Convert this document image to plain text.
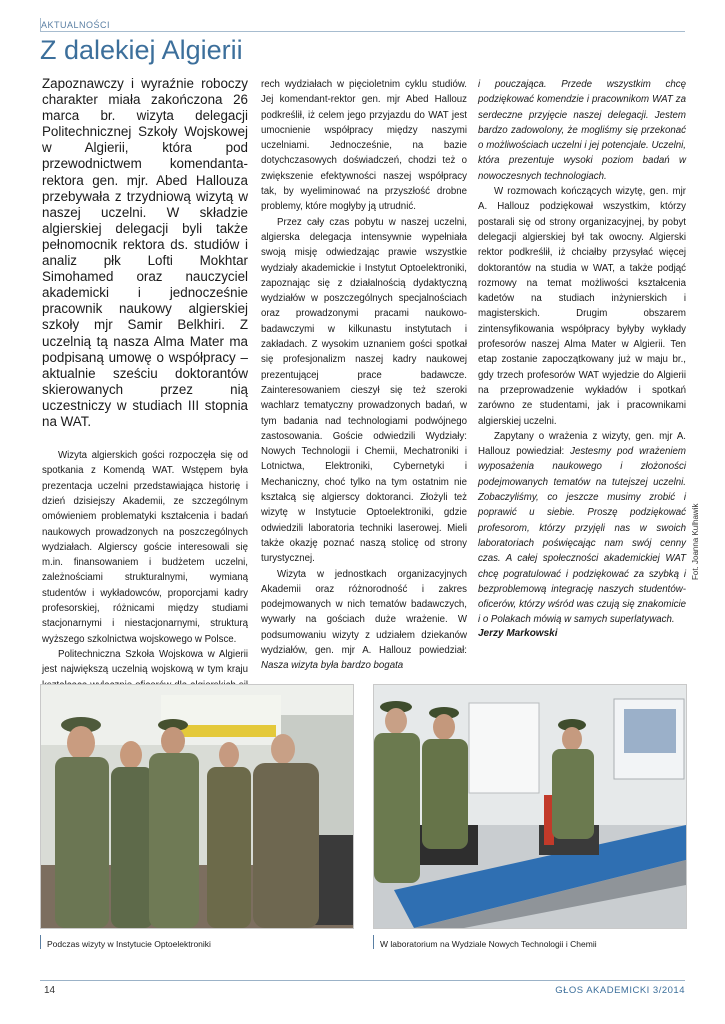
AKTUALNOŚCI
Z dalekiej Algierii

Zapoznawczy i wyraźnie roboczy charakter miała zakończona 26 marca br. wizyta delegacji Politechnicznej Szkoły Wojskowej w Algierii, która pod przewodnictwem komendanta-rektora gen. mjr. Abed Hallouza przebywała z trzydniową wizytą w naszej uczelni. W składzie algierskiej delegacji byli także pełnomocnik rektora ds. studiów i analiz płk Lofti Mokhtar Simohamed oraz nauczyciel akademicki i jednocześnie pracownik naukowy algierskiej szkoły mjr Samir Belkhiri. Z uczelnią tą nasza Alma Mater ma podpisaną umowę o współpracy – aktualnie sześciu doktorantów skierowanych przez nią uczestniczy w studiach III stopnia na WAT.

Wizyta algierskich gości rozpoczęła się od spotkania z Komendą WAT. Wstępem była prezentacja uczelni przedstawiająca historię i dzień dzisiejszy Akademii, ze szczególnym omówieniem problematyki kształcenia i badań naukowych prowadzonych na poszczególnych wydziałach. Algierscy goście interesowali się m.in. finansowaniem i budżetem uczelni, zależnościami strukturalnymi, wymianą studentów i wykładowców, proporcjami kadry profesorskiej, różnicami między studiami stacjonarnymi i niestacjonarnymi, strukturą wyższego szkolnictwa wojskowego w Polsce.

Politechniczna Szkoła Wojskowa w Algierii jest największą uczelnią wojskową w tym kraju

rech wydziałach w pięcioletnim cyklu studiów. Jej komendant-rektor gen. mjr Abed Hallouz podkreślił, iż celem jego przyjazdu do WAT jest umocnienie współpracy między naszymi uczelniami. Jednocześnie, na bazie dotychczasowych doświadczeń, chodzi też o zwiększenie efektywności naszej współpracy tak, by wyeliminować na przyszłość drobne problemy, które mogłyby ją utrudnić.

Przez cały czas pobytu w naszej uczelni, algierska delegacja intensywnie wypełniała swoją misję odwiedzając prawie wszystkie wydziały akademickie i Instytut Optoelektroniki, zapoznając się z działalnością dydaktyczną wydziałów w poszczególnych specjalnościach oraz prowadzonymi pracami naukowo-badawczymi w kilkunastu instytutach i zakładach. Z wysokim uznaniem gości spotkał się profesjonalizm naszej kadry naukowej prezentującej prace badawcze. Zainteresowaniem cieszył się też szeroki wachlarz tematyczny prowadzonych badań, w tym badania nad technologiami podwójnego zastosowania. Goście odwiedzili Wydziały: Nowych Technologii i Chemii, Mechatroniki i Lotnictwa, Elektroniki, Cybernetyki i Mechaniczny, choć tylko na tym ostatnim nie kształcą się algierscy doktoranci. Złożyli też wizytę w Instytucie Optoelektroniki, gdzie odwiedzili laboratoria techniki laserowej. Mieli także okazję poznać naszą stolicę od strony turystycznej.

Wizyta w jednostkach organizacyjnych Akademii oraz różnorodność i zakres podejmowanych w nich tematów badawczych, wywarły na gościach duże wrażenie. W podsumowaniu wizyty z udziałem dziekanów wydziałów, gen. mjr A. Hallouz powiedział: Nasza wizyta była bardzo bogata

i pouczająca. Przede wszystkim chcę podziękować komendzie i pracownikom WAT za serdeczne przyjęcie naszej delegacji. Jestem bardzo zadowolony, że mogliśmy się przekonać o możliwościach uczelni i jej potencjale. Uczelni, która prezentuje wysoki poziom badań w nowoczesnych technologiach.

W rozmowach kończących wizytę, gen. mjr A. Hallouz podziękował wszystkim, którzy postarali się od strony organizacyjnej, by pobyt delegacji algierskiej był tak owocny. Algierski rektor podkreślił, iż chciałby przysyłać więcej doktorantów na studia w WAT, a także podjąć rozmowy na temat możliwości kształcenia kadetów na studiach inżynierskich i magisterskich. Drugim obszarem zintensyfikowania współpracy byłyby wykłady profesorów naszej Alma Mater w Algierii. Ten etap zostanie zapoczątkowany już w maju br., gdy trzech profesorów WAT wyjedzie do Algierii na przeprowadzenie wykładów i spotkań zarówno ze studentami, jak i pracownikami algierskiej uczelni.

Zapytany o wrażenia z wizyty, gen. mjr A. Hallouz powiedział: Jestesmy pod wrażeniem wyposażenia naukowego i złożoności podejmowanych tematów na tutejszej uczelni. Zobaczyliśmy, co jeszcze musimy zrobić i poprawić u siebie. Proszę podziękować profesorom, którzy przyjęli nas w swoich laboratoriach poświęcając nam swój cenny czas. A całej społeczności akademickiej WAT chcę pogratulować i podziękować za szybką i bezproblemową integrację naszych studentów-oficerów, którzy wśród was czują się znakomicie i o Polakach mówią w samych superlatywach.

Jerzy Markowski

Fot. Joanna Kulhawik
Podczas wizyty w Instytucie Optoelektroniki	W laboratorium na Wydziale Nowych Technologii i Chemii
14	GŁOS AKADEMICKI 3/2014
